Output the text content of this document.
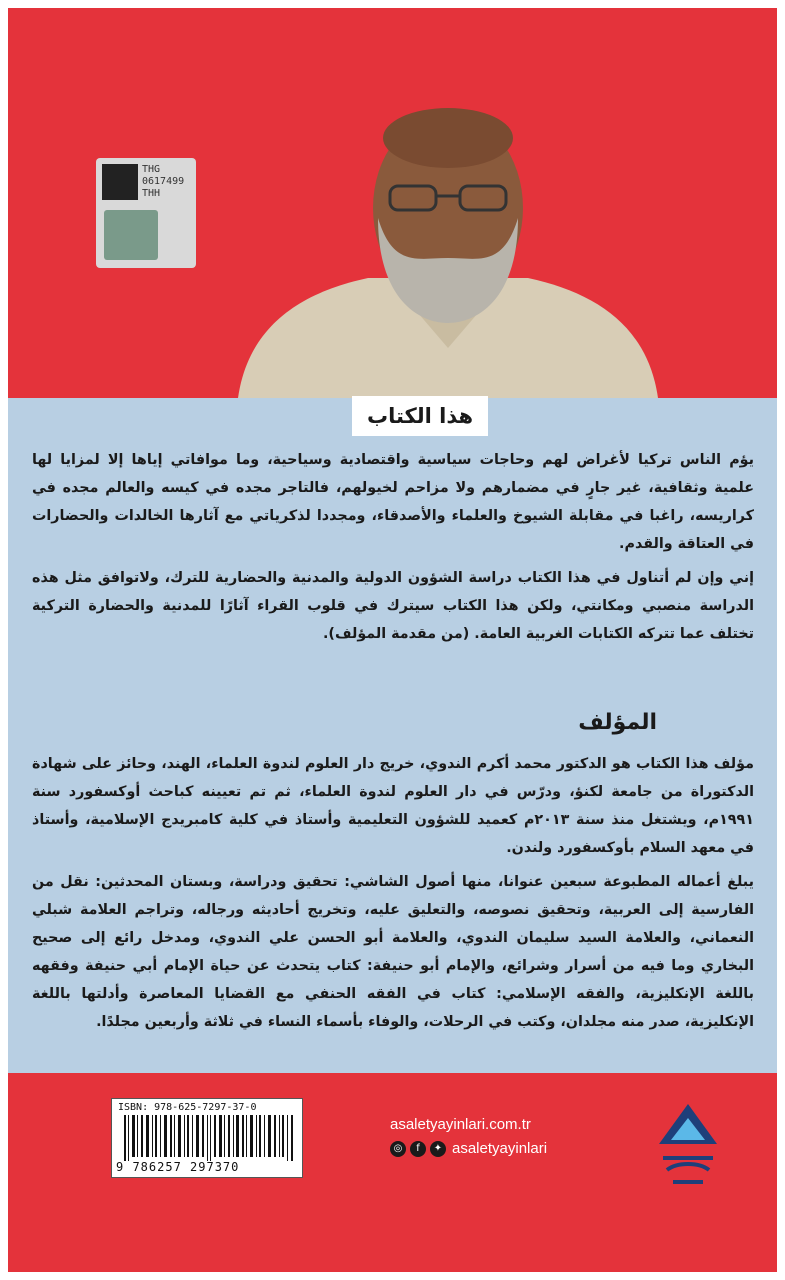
THG
0617499
THH
هذا الكتاب

يؤم الناس تركيا لأغراض لهم وحاجات سياسية واقتصادية وسياحية، وما موافاتي إياها إلا لمزايا لها علمية وثقافية، غير جارٍ في مضمارهم ولا مزاحم لخيولهم، فالتاجر مجده في كيسه والعالم مجده في كراريسه، راغبا في مقابلة الشيوخ والعلماء والأصدقاء، ومجددا لذكرياتي مع آثارها الخالدات والحضارات في العتاقة والقدم.

إني وإن لم أتناول في هذا الكتاب دراسة الشؤون الدولية والمدنية والحضارية للترك، ولاتوافق مثل هذه الدراسة منصبي ومكانتي، ولكن هذا الكتاب سيترك في قلوب القراء آثارًا للمدنية والحضارة التركية تختلف عما تتركه الكتابات الغربية العامة. (من مقدمة المؤلف).

المؤلف

مؤلف هذا الكتاب هو الدكتور محمد أكرم الندوي، خريج دار العلوم لندوة العلماء، الهند، وحائز على شهادة الدكتوراة من جامعة لكنؤ، ودرّس في دار العلوم لندوة العلماء، ثم تم تعيينه كباحث أوكسفورد سنة ١٩٩١م، ويشتغل منذ سنة ٢٠١٣م كعميد للشؤون التعليمية وأستاذ في كلية كامبريدج الإسلامية، وأستاذ في معهد السلام بأوكسفورد ولندن.

يبلغ أعماله المطبوعة سبعين عنوانا، منها أصول الشاشي: تحقيق ودراسة، وبستان المحدثين: نقل من الفارسية إلى العربية، وتحقيق نصوصه، والتعليق عليه، وتخريج أحاديثه ورجاله، وتراجم العلامة شبلي النعماني، والعلامة السيد سليمان الندوي، والعلامة أبو الحسن علي الندوي، ومدخل رائع إلى صحيح البخاري وما فيه من أسرار وشرائع، والإمام أبو حنيفة: كتاب يتحدث عن حياة الإمام أبي حنيفة وفقهه باللغة الإنكليزية، والفقه الإسلامي: كتاب في الفقه الحنفي مع القضايا المعاصرة وأدلتها باللغة الإنكليزية، صدر منه مجلدان، وكتب في الرحلات، والوفاء بأسماء النساء في ثلاثة وأربعين مجلدًا.

ISBN: 978-625-7297-37-0
9 786257 297370
asaletyayinlari.com.tr
◎	f	✦ asaletyayinlari
